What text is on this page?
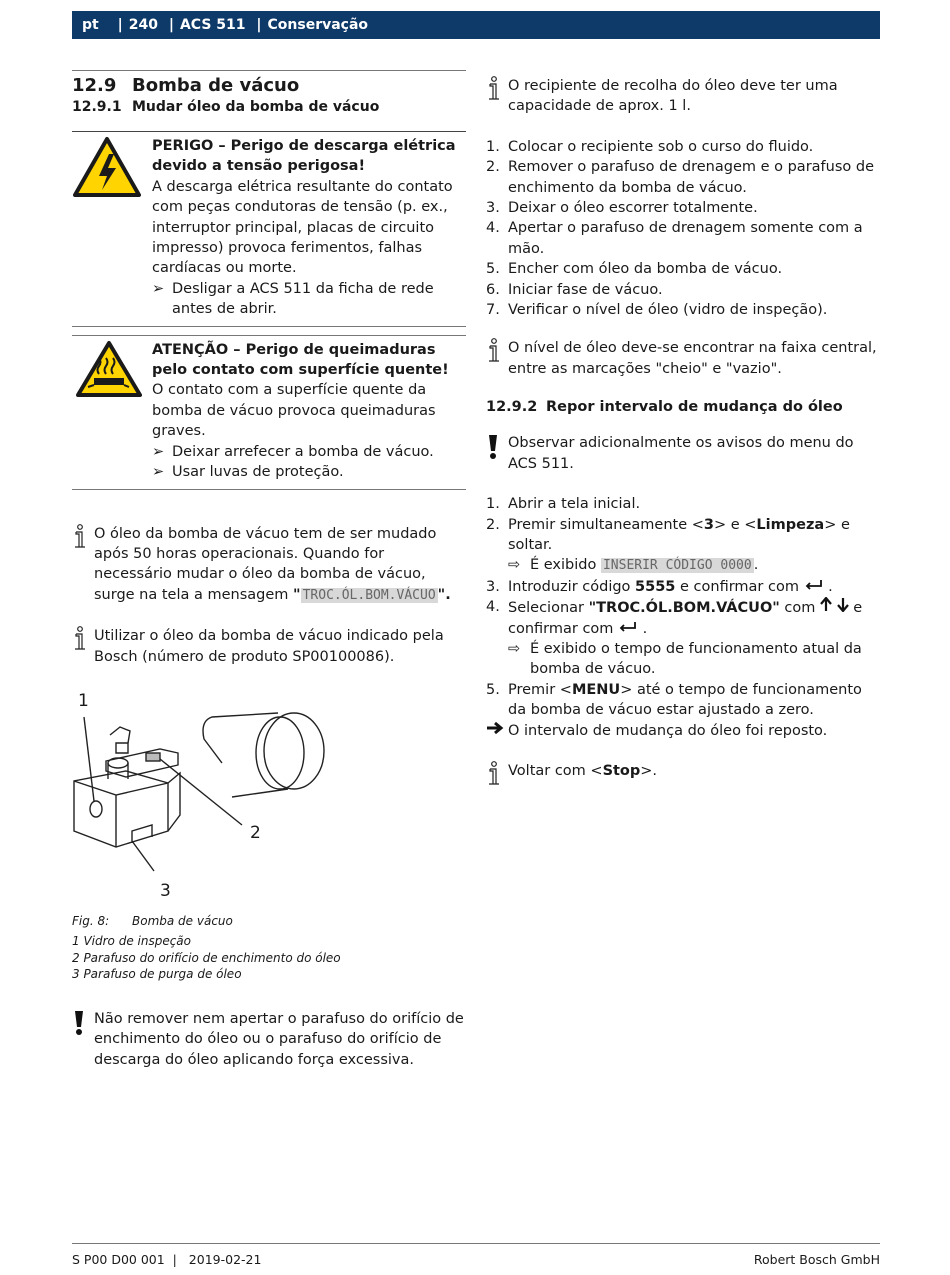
pt | 240 | ACS 511 | Conservação
12.9 Bomba de vácuo
12.9.1 Mudar óleo da bomba de vácuo
PERIGO – Perigo de descarga elétrica devido a tensão perigosa!
A descarga elétrica resultante do contato com peças condutoras de tensão (p. ex., interruptor principal, placas de circuito impresso) provoca ferimentos, falhas cardíacas ou morte.
➢ Desligar a ACS 511 da ficha de rede antes de abrir.
ATENÇÃO – Perigo de queimaduras pelo contato com superfície quente!
O contato com a superfície quente da bomba de vácuo provoca queimaduras graves.
➢ Deixar arrefecer a bomba de vácuo.
➢ Usar luvas de proteção.
O óleo da bomba de vácuo tem de ser mudado após 50 horas operacionais. Quando for necessário mudar o óleo da bomba de vácuo, surge na tela a mensagem " TROC.ÓL.BOM.VÁCUO ".
Utilizar o óleo da bomba de vácuo indicado pela Bosch (número de produto SP00100086).
1
2
3
Fig. 8:	Bomba de vácuo
1 Vidro de inspeção
2 Parafuso do orifício de enchimento do óleo
3 Parafuso de purga de óleo
Não remover nem apertar o parafuso do orifício de enchimento do óleo ou o parafuso do orifício de descarga do óleo aplicando força excessiva.
O recipiente de recolha do óleo deve ter uma capacidade de aprox. 1 l.
1. Colocar o recipiente sob o curso do fluido.
2. Remover o parafuso de drenagem e o parafuso de enchimento da bomba de vácuo.
3. Deixar o óleo escorrer totalmente.
4. Apertar o parafuso de drenagem somente com a mão.
5. Encher com óleo da bomba de vácuo.
6. Iniciar fase de vácuo.
7. Verificar o nível de óleo (vidro de inspeção).
O nível de óleo deve-se encontrar na faixa central, entre as marcações "cheio" e "vazio".
12.9.2 Repor intervalo de mudança do óleo
Observar adicionalmente os avisos do menu do ACS 511.
1. Abrir a tela inicial.
2. Premir simultaneamente <3> e <Limpeza> e soltar.
⇨ É exibido INSERIR CÓDIGO 0000 .
3. Introduzir código 5555 e confirmar com  .
4. Selecionar "TROC.ÓL.BOM.VÁCUO" com   e confirmar com  .
⇨ É exibido o tempo de funcionamento atual da bomba de vácuo.
5. Premir <MENU> até o tempo de funcionamento da bomba de vácuo estar ajustado a zero.
O intervalo de mudança do óleo foi reposto.
Voltar com <Stop>.
S P00 D00 001  |   2019-02-21	Robert Bosch GmbH
